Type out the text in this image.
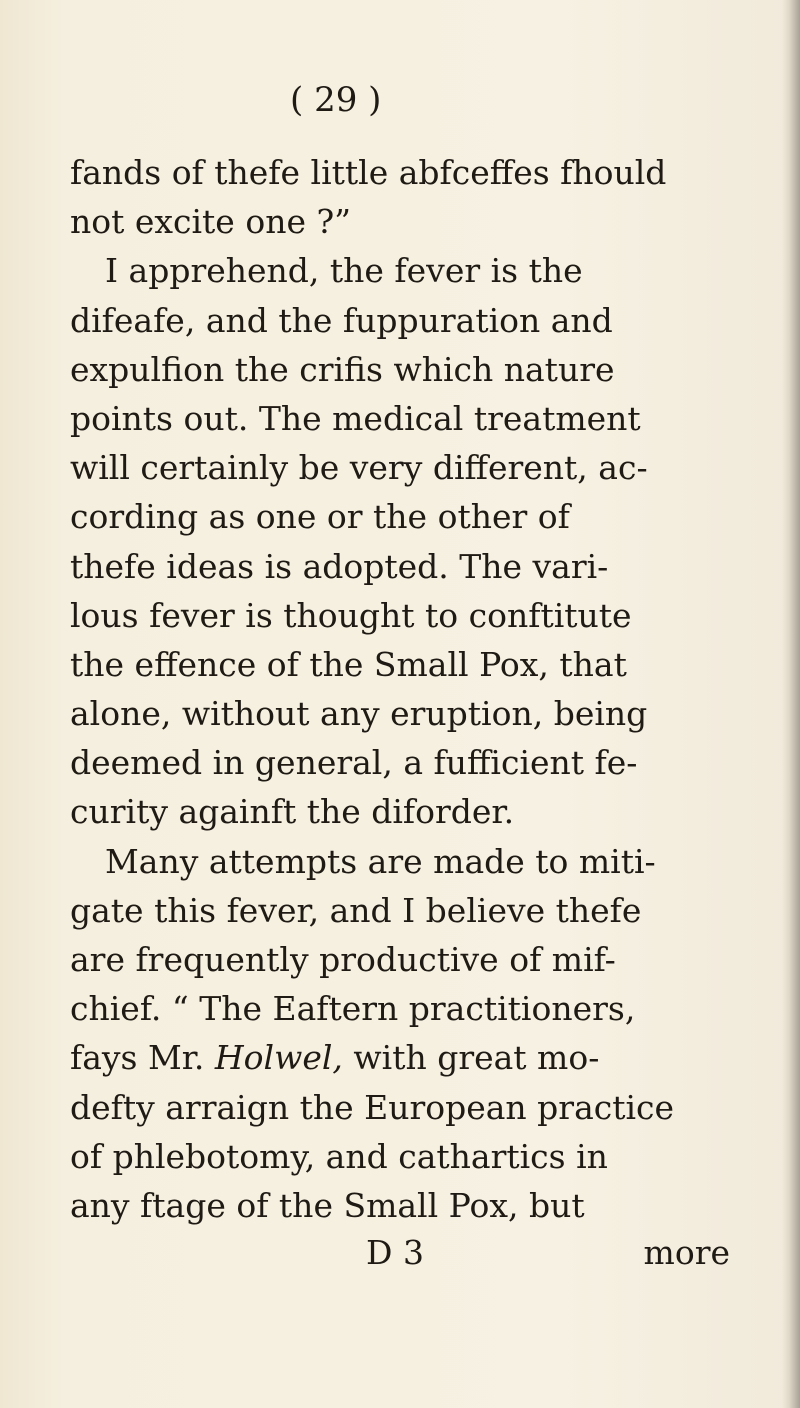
( 29 )
fands of thefe little abfceffes fhould
not excite one ?”
I apprehend, the fever is the
difeafe, and the fuppuration and
expulfion the crifis which nature
points out. The medical treatment
will certainly be very different, ac-
cording as one or the other of
thefe ideas is adopted. The vari-
lous fever is thought to conftitute
the effence of the Small Pox, that
alone, without any eruption, being
deemed in general, a fufficient fe-
curity againft the diforder.
Many attempts are made to miti-
gate this fever, and I believe thefe
are frequently productive of mif-
chief. “ The Eaftern practitioners,
fays Mr. Holwel, with great mo-
defty arraign the European practice
of phlebotomy, and cathartics in
any ftage of the Small Pox, but
D 3	more
